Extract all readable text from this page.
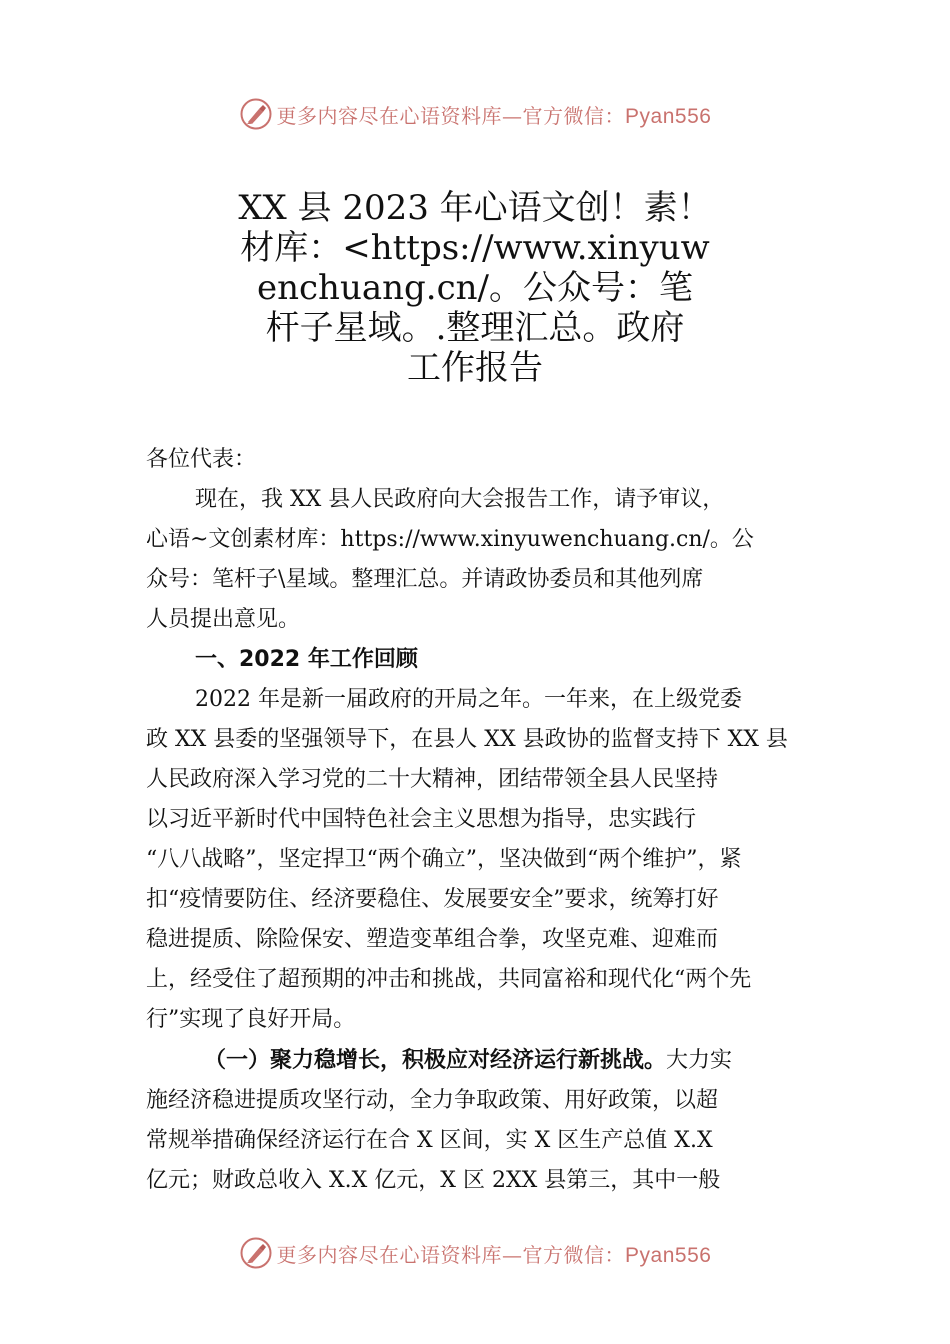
更多内容尽在心语资料库—官方微信：Pyan556
XX 县 2023 年心语文创！素！
材库：<https://www.xinyuw
enchuang.cn/。公众号：笔
杆子星域。.整理汇总。政府
工作报告

各位代表：

现在，我 XX 县人民政府向大会报告工作，请予审议，

心语~文创素材库：https://www.xinyuwenchuang.cn/。公

众号：笔杆子\星域。整理汇总。并请政协委员和其他列席

人员提出意见。

一、2022 年工作回顾

2022 年是新一届政府的开局之年。一年来，在上级党委

政 XX 县委的坚强领导下，在县人 XX 县政协的监督支持下 XX 县

人民政府深入学习党的二十大精神，团结带领全县人民坚持

以习近平新时代中国特色社会主义思想为指导，忠实践行

“八八战略”，坚定捍卫“两个确立”，坚决做到“两个维护”，紧

扣“疫情要防住、经济要稳住、发展要安全”要求，统筹打好

稳进提质、除险保安、塑造变革组合拳，攻坚克难、迎难而

上，经受住了超预期的冲击和挑战，共同富裕和现代化“两个先

行”实现了良好开局。

（一）聚力稳增长，积极应对经济运行新挑战。大力实

施经济稳进提质攻坚行动，全力争取政策、用好政策，以超

常规举措确保经济运行在合 X 区间，实 X 区生产总值 X.X

亿元；财政总收入 X.X 亿元，X 区 2XX 县第三，其中一般

更多内容尽在心语资料库—官方微信：Pyan556
